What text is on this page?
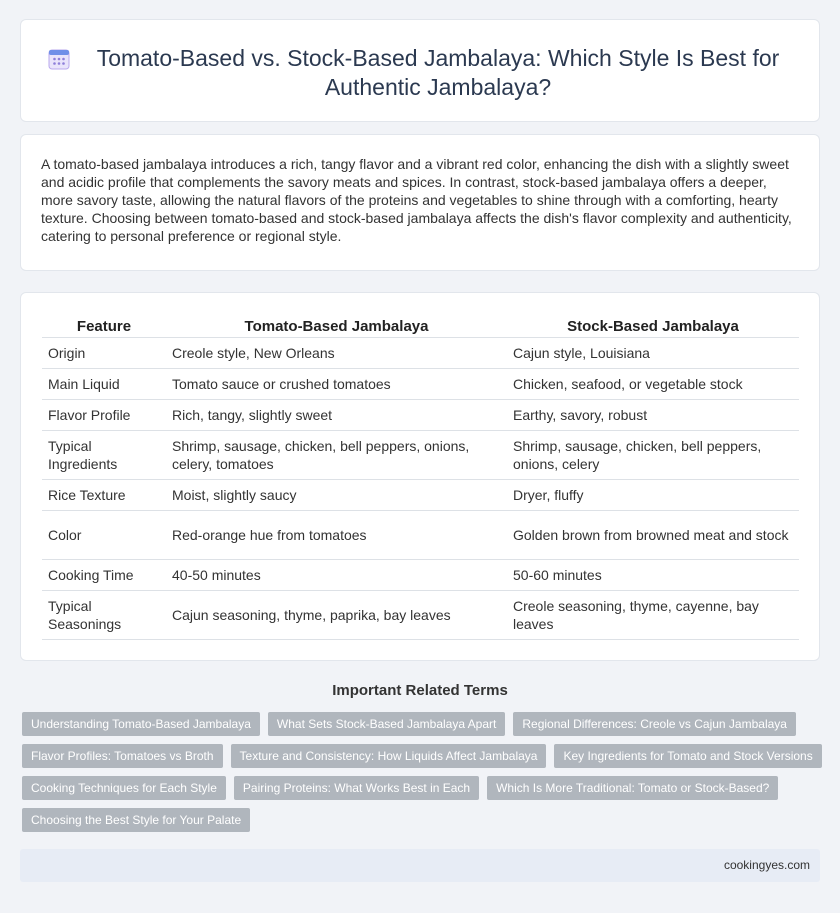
Tomato-Based vs. Stock-Based Jambalaya: Which Style Is Best for Authentic Jambalaya?

A tomato-based jambalaya introduces a rich, tangy flavor and a vibrant red color, enhancing the dish with a slightly sweet and acidic profile that complements the savory meats and spices. In contrast, stock-based jambalaya offers a deeper, more savory taste, allowing the natural flavors of the proteins and vegetables to shine through with a comforting, hearty texture. Choosing between tomato-based and stock-based jambalaya affects the dish's flavor complexity and authenticity, catering to personal preference or regional style.

Feature	Tomato-Based Jambalaya	Stock-Based Jambalaya
Origin	Creole style, New Orleans	Cajun style, Louisiana
Main Liquid	Tomato sauce or crushed tomatoes	Chicken, seafood, or vegetable stock
Flavor Profile	Rich, tangy, slightly sweet	Earthy, savory, robust
Typical Ingredients	Shrimp, sausage, chicken, bell peppers, onions, celery, tomatoes	Shrimp, sausage, chicken, bell peppers, onions, celery
Rice Texture	Moist, slightly saucy	Dryer, fluffy
Color	Red-orange hue from tomatoes	Golden brown from browned meat and stock
Cooking Time	40-50 minutes	50-60 minutes
Typical Seasonings	Cajun seasoning, thyme, paprika, bay leaves	Creole seasoning, thyme, cayenne, bay leaves
Important Related Terms
Understanding Tomato-Based Jambalaya	What Sets Stock-Based Jambalaya Apart	Regional Differences: Creole vs Cajun Jambalaya
Flavor Profiles: Tomatoes vs Broth	Texture and Consistency: How Liquids Affect Jambalaya	Key Ingredients for Tomato and Stock Versions
Cooking Techniques for Each Style	Pairing Proteins: What Works Best in Each	Which Is More Traditional: Tomato or Stock-Based?
Choosing the Best Style for Your Palate
cookingyes.com
